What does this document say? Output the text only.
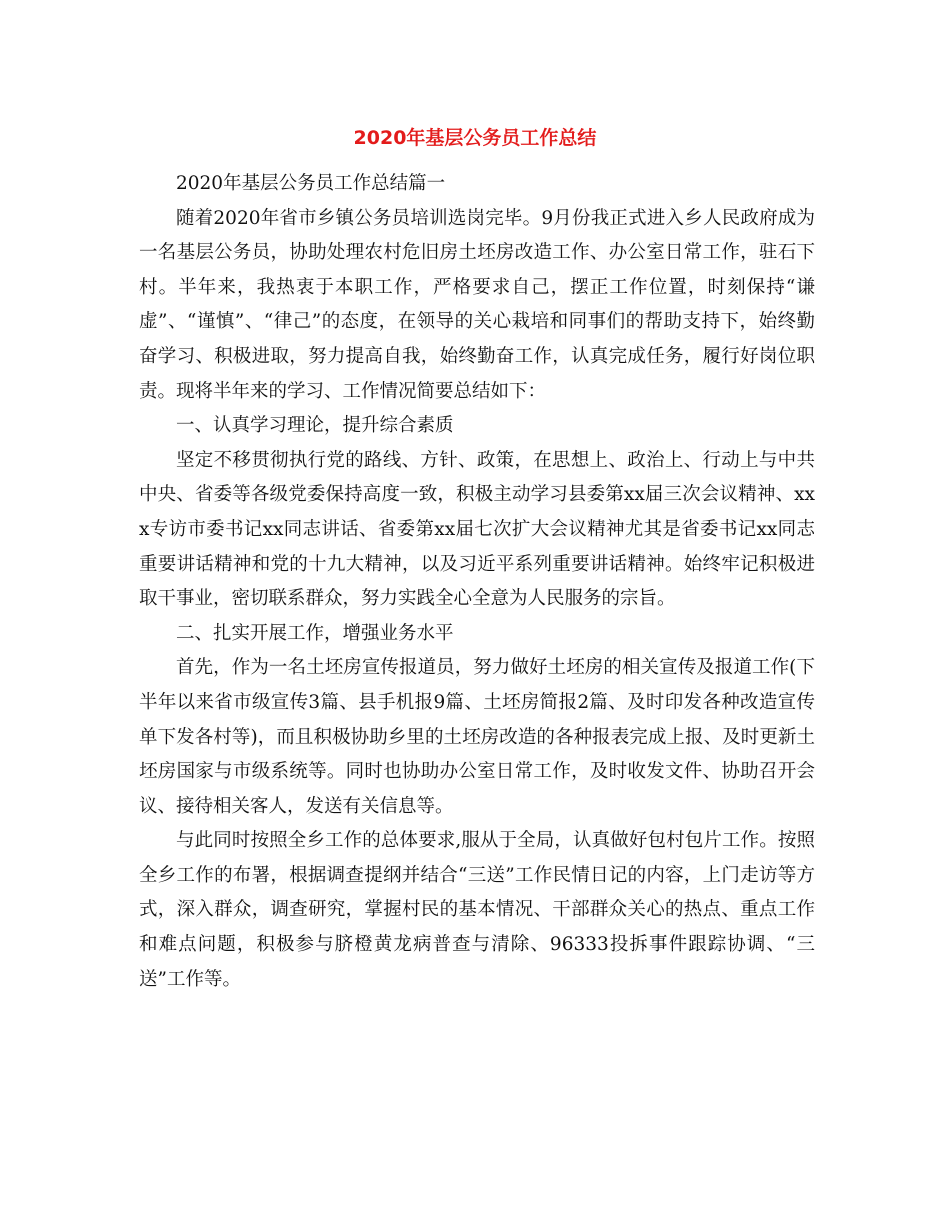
2020年基层公务员工作总结

2020年基层公务员工作总结篇一

随着2020年省市乡镇公务员培训选岗完毕。9月份我正式进入乡人民政府成为一名基层公务员，协助处理农村危旧房土坯房改造工作、办公室日常工作，驻石下村。半年来，我热衷于本职工作，严格要求自己，摆正工作位置，时刻保持“谦虚”、“谨慎”、“律己”的态度，在领导的关心栽培和同事们的帮助支持下，始终勤奋学习、积极进取，努力提高自我，始终勤奋工作，认真完成任务，履行好岗位职责。现将半年来的学习、工作情况简要总结如下：

一、认真学习理论，提升综合素质

坚定不移贯彻执行党的路线、方针、政策，在思想上、政治上、行动上与中共中央、省委等各级党委保持高度一致，积极主动学习县委第xx届三次会议精神、xxx专访市委书记xx同志讲话、省委第xx届七次扩大会议精神尤其是省委书记xx同志重要讲话精神和党的十九大精神，以及习近平系列重要讲话精神。始终牢记积极进取干事业，密切联系群众，努力实践全心全意为人民服务的宗旨。

二、扎实开展工作，增强业务水平

首先，作为一名土坯房宣传报道员，努力做好土坯房的相关宣传及报道工作(下半年以来省市级宣传3篇、县手机报9篇、土坯房简报2篇、及时印发各种改造宣传单下发各村等)，而且积极协助乡里的土坯房改造的各种报表完成上报、及时更新土坯房国家与市级系统等。同时也协助办公室日常工作，及时收发文件、协助召开会议、接待相关客人，发送有关信息等。

与此同时按照全乡工作的总体要求,服从于全局，认真做好包村包片工作。按照全乡工作的布署，根据调查提纲并结合“三送”工作民情日记的内容，上门走访等方式，深入群众，调查研究，掌握村民的基本情况、干部群众关心的热点、重点工作和难点问题，积极参与脐橙黄龙病普查与清除、96333投拆事件跟踪协调、“三送”工作等。
